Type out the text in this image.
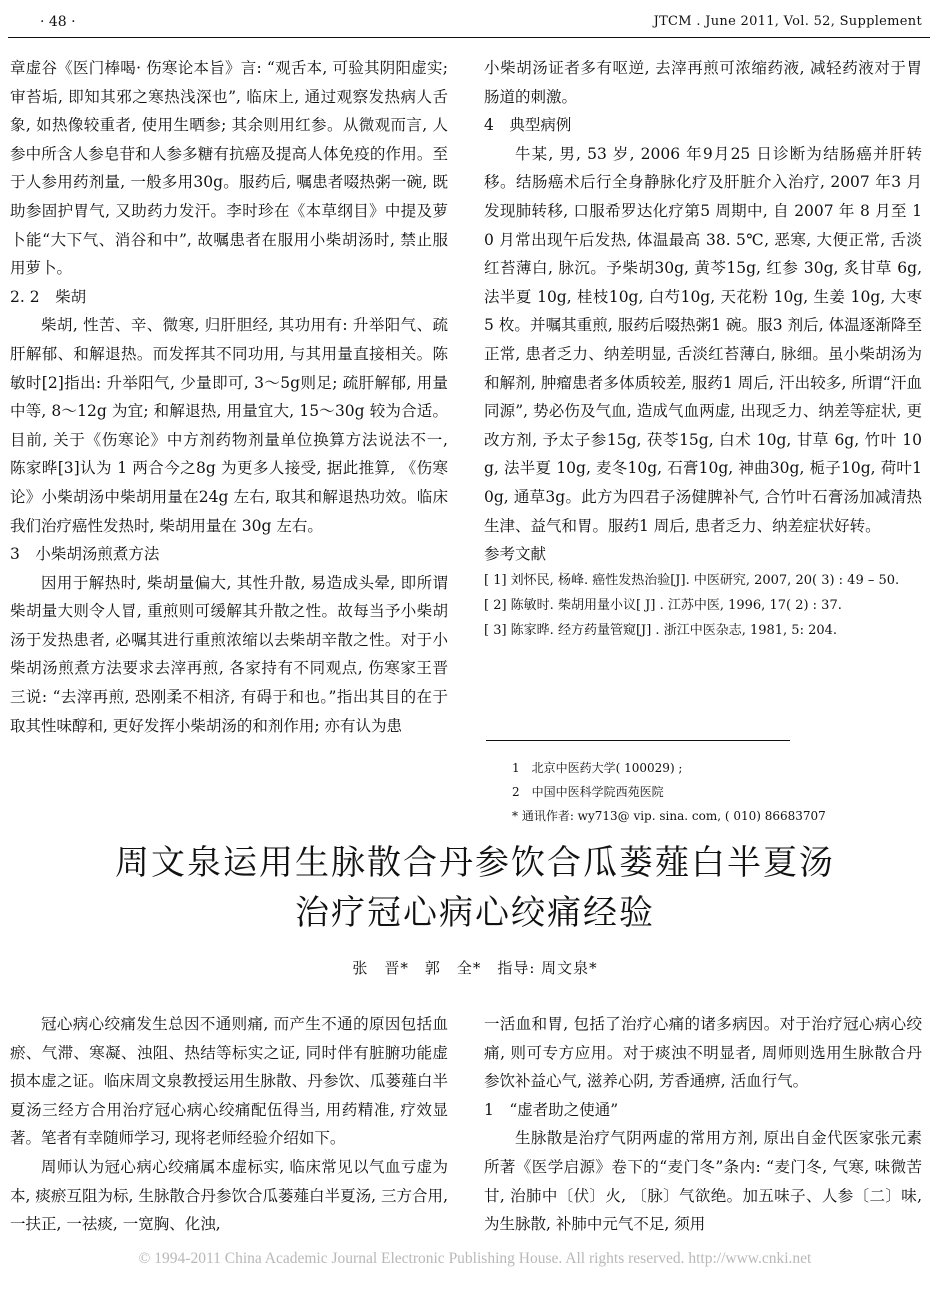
· 48 ·	JTCM . June 2011, Vol. 52, Supplement

章虚谷《医门棒喝· 伤寒论本旨》言: “观舌本, 可验其阴阳虚实; 审苔垢, 即知其邪之寒热浅深也”, 临床上, 通过观察发热病人舌象, 如热像较重者, 使用生晒参; 其余则用红参。从微观而言, 人参中所含人参皂苷和人参多糖有抗癌及提高人体免疫的作用。至于人参用药剂量, 一般多用30g。服药后, 嘱患者啜热粥一碗, 既助参固护胃气, 又助药力发汗。李时珍在《本草纲目》中提及萝卜能“大下气、消谷和中”, 故嘱患者在服用小柴胡汤时, 禁止服用萝卜。

2. 2　柴胡

柴胡, 性苦、辛、微寒, 归肝胆经, 其功用有: 升举阳气、疏肝解郁、和解退热。而发挥其不同功用, 与其用量直接相关。陈敏时[2]指出: 升举阳气, 少量即可, 3～5g则足; 疏肝解郁, 用量中等, 8～12g 为宜; 和解退热, 用量宜大, 15～30g 较为合适。目前, 关于《伤寒论》中方剂药物剂量单位换算方法说法不一, 陈家晔[3]认为 1 两合今之8g 为更多人接受, 据此推算, 《伤寒论》小柴胡汤中柴胡用量在24g 左右, 取其和解退热功效。临床我们治疗癌性发热时, 柴胡用量在 30g 左右。

3　小柴胡汤煎煮方法

因用于解热时, 柴胡量偏大, 其性升散, 易造成头晕, 即所谓柴胡量大则令人冒, 重煎则可缓解其升散之性。故每当予小柴胡汤于发热患者, 必嘱其进行重煎浓缩以去柴胡辛散之性。对于小柴胡汤煎煮方法要求去滓再煎, 各家持有不同观点, 伤寒家王晋三说: “去滓再煎, 恐刚柔不相济, 有碍于和也。”指出其目的在于取其性味醇和, 更好发挥小柴胡汤的和剂作用; 亦有认为患

小柴胡汤证者多有呕逆, 去滓再煎可浓缩药液, 减轻药液对于胃肠道的刺激。

4　典型病例

牛某, 男, 53 岁, 2006 年9月25 日诊断为结肠癌并肝转移。结肠癌术后行全身静脉化疗及肝脏介入治疗, 2007 年3 月发现肺转移, 口服希罗达化疗第5 周期中, 自 2007 年 8 月至 10 月常出现午后发热, 体温最高 38. 5℃, 恶寒, 大便正常, 舌淡红苔薄白, 脉沉。予柴胡30g, 黄芩15g, 红参 30g, 炙甘草 6g, 法半夏 10g, 桂枝10g, 白芍10g, 天花粉 10g, 生姜 10g, 大枣5 枚。并嘱其重煎, 服药后啜热粥1 碗。服3 剂后, 体温逐渐降至正常, 患者乏力、纳差明显, 舌淡红苔薄白, 脉细。虽小柴胡汤为和解剂, 肿瘤患者多体质较差, 服药1 周后, 汗出较多, 所谓“汗血同源”, 势必伤及气血, 造成气血两虚, 出现乏力、纳差等症状, 更改方剂, 予太子参15g, 茯苓15g, 白术 10g, 甘草 6g, 竹叶 10g, 法半夏 10g, 麦冬10g, 石膏10g, 神曲30g, 栀子10g, 荷叶10g, 通草3g。此方为四君子汤健脾补气, 合竹叶石膏汤加减清热生津、益气和胃。服药1 周后, 患者乏力、纳差症状好转。

参考文献
[ 1] 刘怀民, 杨峰. 癌性发热治验[J]. 中医研究, 2007, 20( 3) : 49 – 50.
[ 2] 陈敏时. 柴胡用量小议[ J] . 江苏中医, 1996, 17( 2) : 37.
[ 3] 陈家晔. 经方药量管窥[J] . 浙江中医杂志, 1981, 5: 204.
1　北京中医药大学( 100029) ;
2　中国中医科学院西苑医院
* 通讯作者: wy713@ vip. sina. com, ( 010) 86683707
周文泉运用生脉散合丹参饮合瓜蒌薤白半夏汤
治疗冠心病心绞痛经验
张　晋*　郭　全*　指导: 周文泉*

冠心病心绞痛发生总因不通则痛, 而产生不通的原因包括血瘀、气滞、寒凝、浊阻、热结等标实之证, 同时伴有脏腑功能虚损本虚之证。临床周文泉教授运用生脉散、丹参饮、瓜蒌薤白半夏汤三经方合用治疗冠心病心绞痛配伍得当, 用药精准, 疗效显著。笔者有幸随师学习, 现将老师经验介绍如下。

周师认为冠心病心绞痛属本虚标实, 临床常见以气血亏虚为本, 痰瘀互阻为标, 生脉散合丹参饮合瓜蒌薤白半夏汤, 三方合用, 一扶正, 一祛痰, 一宽胸、化浊,

一活血和胃, 包括了治疗心痛的诸多病因。对于治疗冠心病心绞痛, 则可专方应用。对于痰浊不明显者, 周师则选用生脉散合丹参饮补益心气, 滋养心阴, 芳香通痹, 活血行气。

1　“虚者助之使通”

生脉散是治疗气阴两虚的常用方剂, 原出自金代医家张元素所著《医学启源》卷下的“麦门冬”条内: “麦门冬, 气寒, 味微苦甘, 治肺中〔伏〕火, 〔脉〕气欲绝。加五味子、人参〔二〕味, 为生脉散, 补肺中元气不足, 须用

© 1994-2011 China Academic Journal Electronic Publishing House. All rights reserved. http://www.cnki.net
